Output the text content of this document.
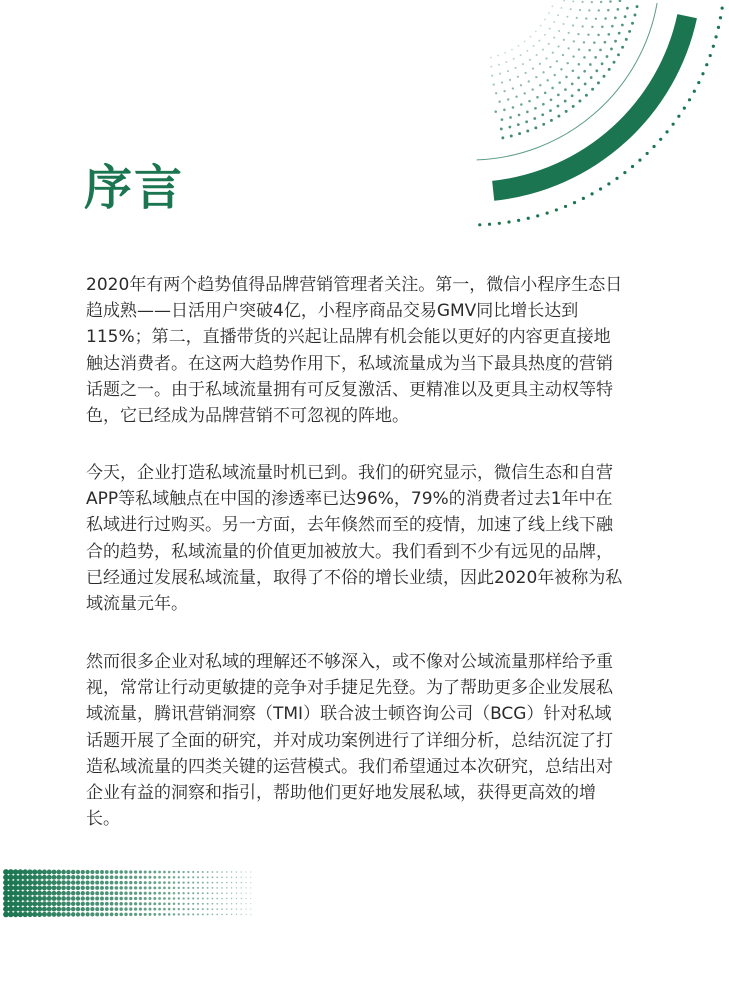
序言

2020年有两个趋势值得品牌营销管理者关注。第一，微信小程序生态日趋成熟——日活用户突破4亿，小程序商品交易GMV同比增长达到115%；第二，直播带货的兴起让品牌有机会能以更好的内容更直接地触达消费者。在这两大趋势作用下，私域流量成为当下最具热度的营销话题之一。由于私域流量拥有可反复激活、更精准以及更具主动权等特色，它已经成为品牌营销不可忽视的阵地。

今天，企业打造私域流量时机已到。我们的研究显示，微信生态和自营APP等私域触点在中国的渗透率已达96%，79%的消费者过去1年中在私域进行过购买。另一方面，去年倏然而至的疫情，加速了线上线下融合的趋势，私域流量的价值更加被放大。我们看到不少有远见的品牌，已经通过发展私域流量，取得了不俗的增长业绩，因此2020年被称为私域流量元年。

然而很多企业对私域的理解还不够深入，或不像对公域流量那样给予重视，常常让行动更敏捷的竞争对手捷足先登。为了帮助更多企业发展私域流量，腾讯营销洞察（TMI）联合波士顿咨询公司（BCG）针对私域话题开展了全面的研究，并对成功案例进行了详细分析，总结沉淀了打造私域流量的四类关键的运营模式。我们希望通过本次研究，总结出对企业有益的洞察和指引，帮助他们更好地发展私域，获得更高效的增长。
